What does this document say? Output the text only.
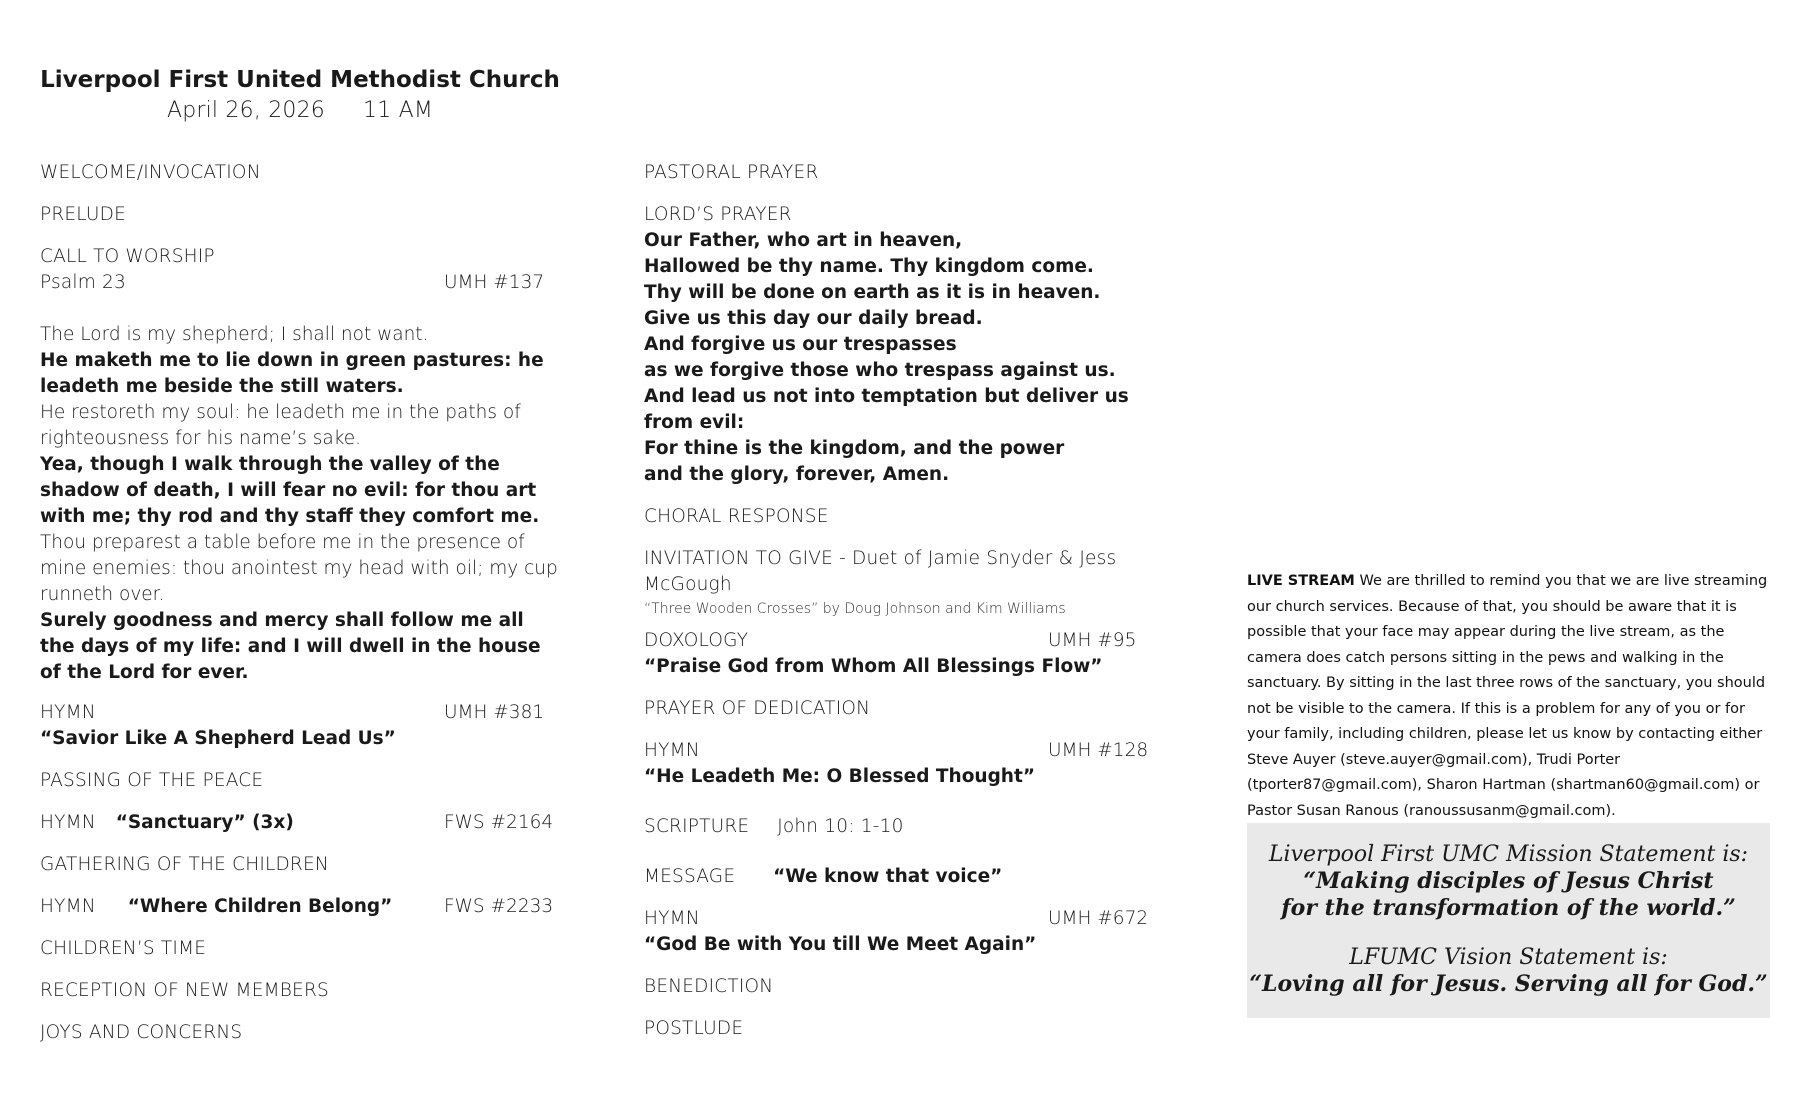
Liverpool First United Methodist Church

April 26, 2026 11 AM
WELCOME/INVOCATION
PRELUDE
CALL TO WORSHIP
Psalm 23	UMH #137

The Lord is my shepherd; I shall not want.

He maketh me to lie down in green pastures: he leadeth me beside the still waters.

He restoreth my soul: he leadeth me in the paths of righteousness for his name’s sake.

Yea, though I walk through the valley of the shadow of death, I will fear no evil: for thou art with me; thy rod and thy staff they comfort me.

Thou preparest a table before me in the presence of mine enemies: thou anointest my head with oil; my cup runneth over.

Surely goodness and mercy shall follow me all the days of my life: and I will dwell in the house of the Lord for ever.

HYMN	UMH #381
“Savior Like A Shepherd Lead Us”
PASSING OF THE PEACE
HYMN “Sanctuary” (3x)	FWS #2164
GATHERING OF THE CHILDREN
HYMN “Where Children Belong”	FWS #2233
CHILDREN’S TIME
RECEPTION OF NEW MEMBERS
JOYS AND CONCERNS
PASTORAL PRAYER
LORD’S PRAYER
Our Father, who art in heaven,
Hallowed be thy name. Thy kingdom come.
Thy will be done on earth as it is in heaven.
Give us this day our daily bread.
And forgive us our trespasses
as we forgive those who trespass against us.
And lead us not into temptation but deliver us from evil:
For thine is the kingdom, and the power
and the glory, forever, Amen.
CHORAL RESPONSE
INVITATION TO GIVE - Duet of Jamie Snyder & Jess McGough
“Three Wooden Crosses” by Doug Johnson and Kim Williams
DOXOLOGY	UMH #95
“Praise God from Whom All Blessings Flow”
PRAYER OF DEDICATION
HYMN	UMH #128
“He Leadeth Me: O Blessed Thought”
SCRIPTURE John 10: 1-10
MESSAGE “We know that voice”
HYMN	UMH #672
“God Be with You till We Meet Again”
BENEDICTION
POSTLUDE
LIVE STREAM We are thrilled to remind you that we are live streaming our church services. Because of that, you should be aware that it is possible that your face may appear during the live stream, as the camera does catch persons sitting in the pews and walking in the sanctuary. By sitting in the last three rows of the sanctuary, you should not be visible to the camera. If this is a problem for any of you or for your family, including children, please let us know by contacting either Steve Auyer (steve.auyer@gmail.com), Trudi Porter (tporter87@gmail.com), Sharon Hartman (shartman60@gmail.com) or Pastor Susan Ranous (ranoussusanm@gmail.com).

Liverpool First UMC Mission Statement is:

“Making disciples of Jesus Christ

for the transformation of the world.”

LFUMC Vision Statement is:

“Loving all for Jesus. Serving all for God.”
